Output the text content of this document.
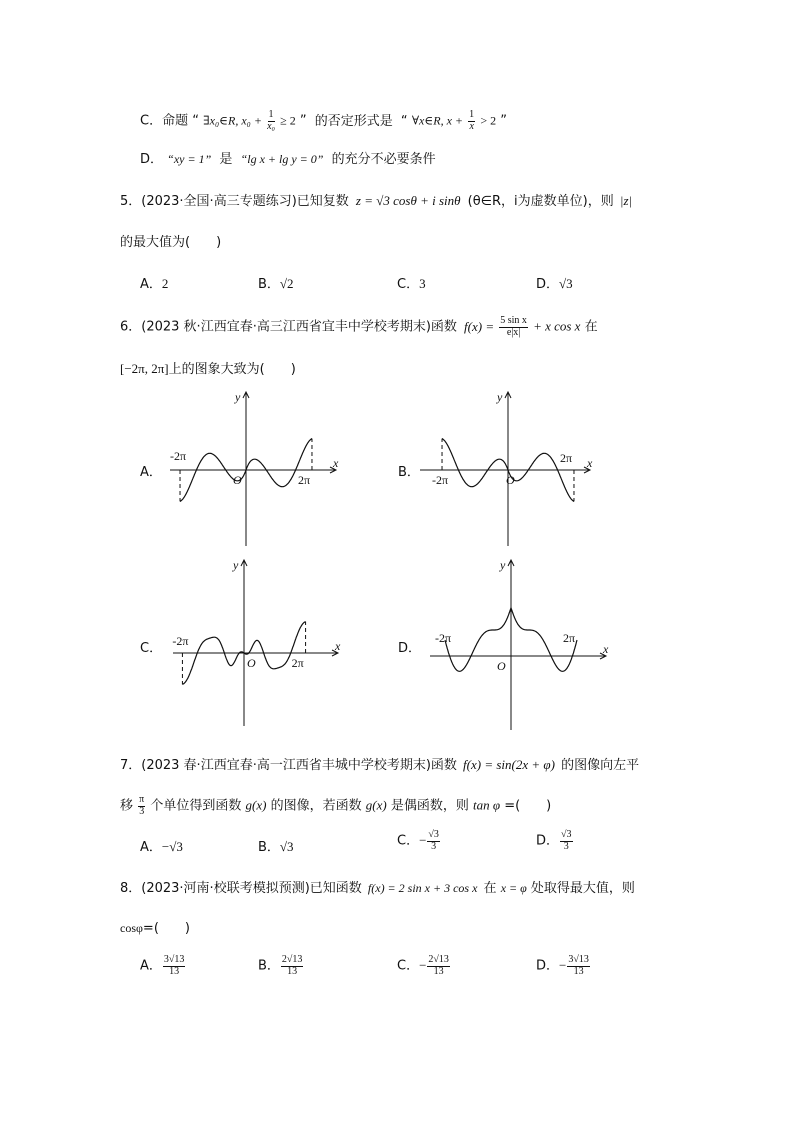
C．命题 “ ∃x₀∈R, $x_0 + \frac{1}{\text{x₀}} \ge 2$ ” 的否定形式是 “ ∀x∈R, $x + \frac{1}{x} > 2$ ”
D． “xy = 1” 是 “lg x + lg y = 0” 的充分不必要条件
5．(2023·全国·高三专题练习)已知复数 z = √3 cosθ + i sinθ (θ∈R，i为虚数单位)，则 |z|
的最大值为(　　)
A．2	B．√2	C．3	D．√3
6．(2023 秋·江西宜春·高三江西省宜丰中学校考期末)函数 $f(x) = \frac{\text{5 sin x}}{e|x|} + x$ cos x 在
[−2π, 2π]上的图象大致为(　　)
A．
x
y
-2π
2π
O	B．
x
y
-2π
2π
O
C．	x
y
-2π
2π
O
D．	x
y
-2π	2π
O
7．(2023 春·江西宜春·高一江西省丰城中学校考期末)函数 f(x) = sin(2x + φ) 的图像向左平
移 $\frac{\pi}{3}$ 个单位得到函数 g(x) 的图像，若函数 g(x) 是偶函数，则 tan φ =(　　)
A．−√3	B．√3	C．− $\frac{√3}{3}$	D． $\frac{√3}{3}$
8．(2023·河南·校联考模拟预测)已知函数 f(x) = 2 sin x + 3 cos x 在 x = φ 处取得最大值，则
cosφ=(　　)
A． $\frac{3√13}{13}$	B． $\frac{2√13}{13}$	C．− $\frac{2√13}{13}$	D．− $\frac{3√13}{13}$
